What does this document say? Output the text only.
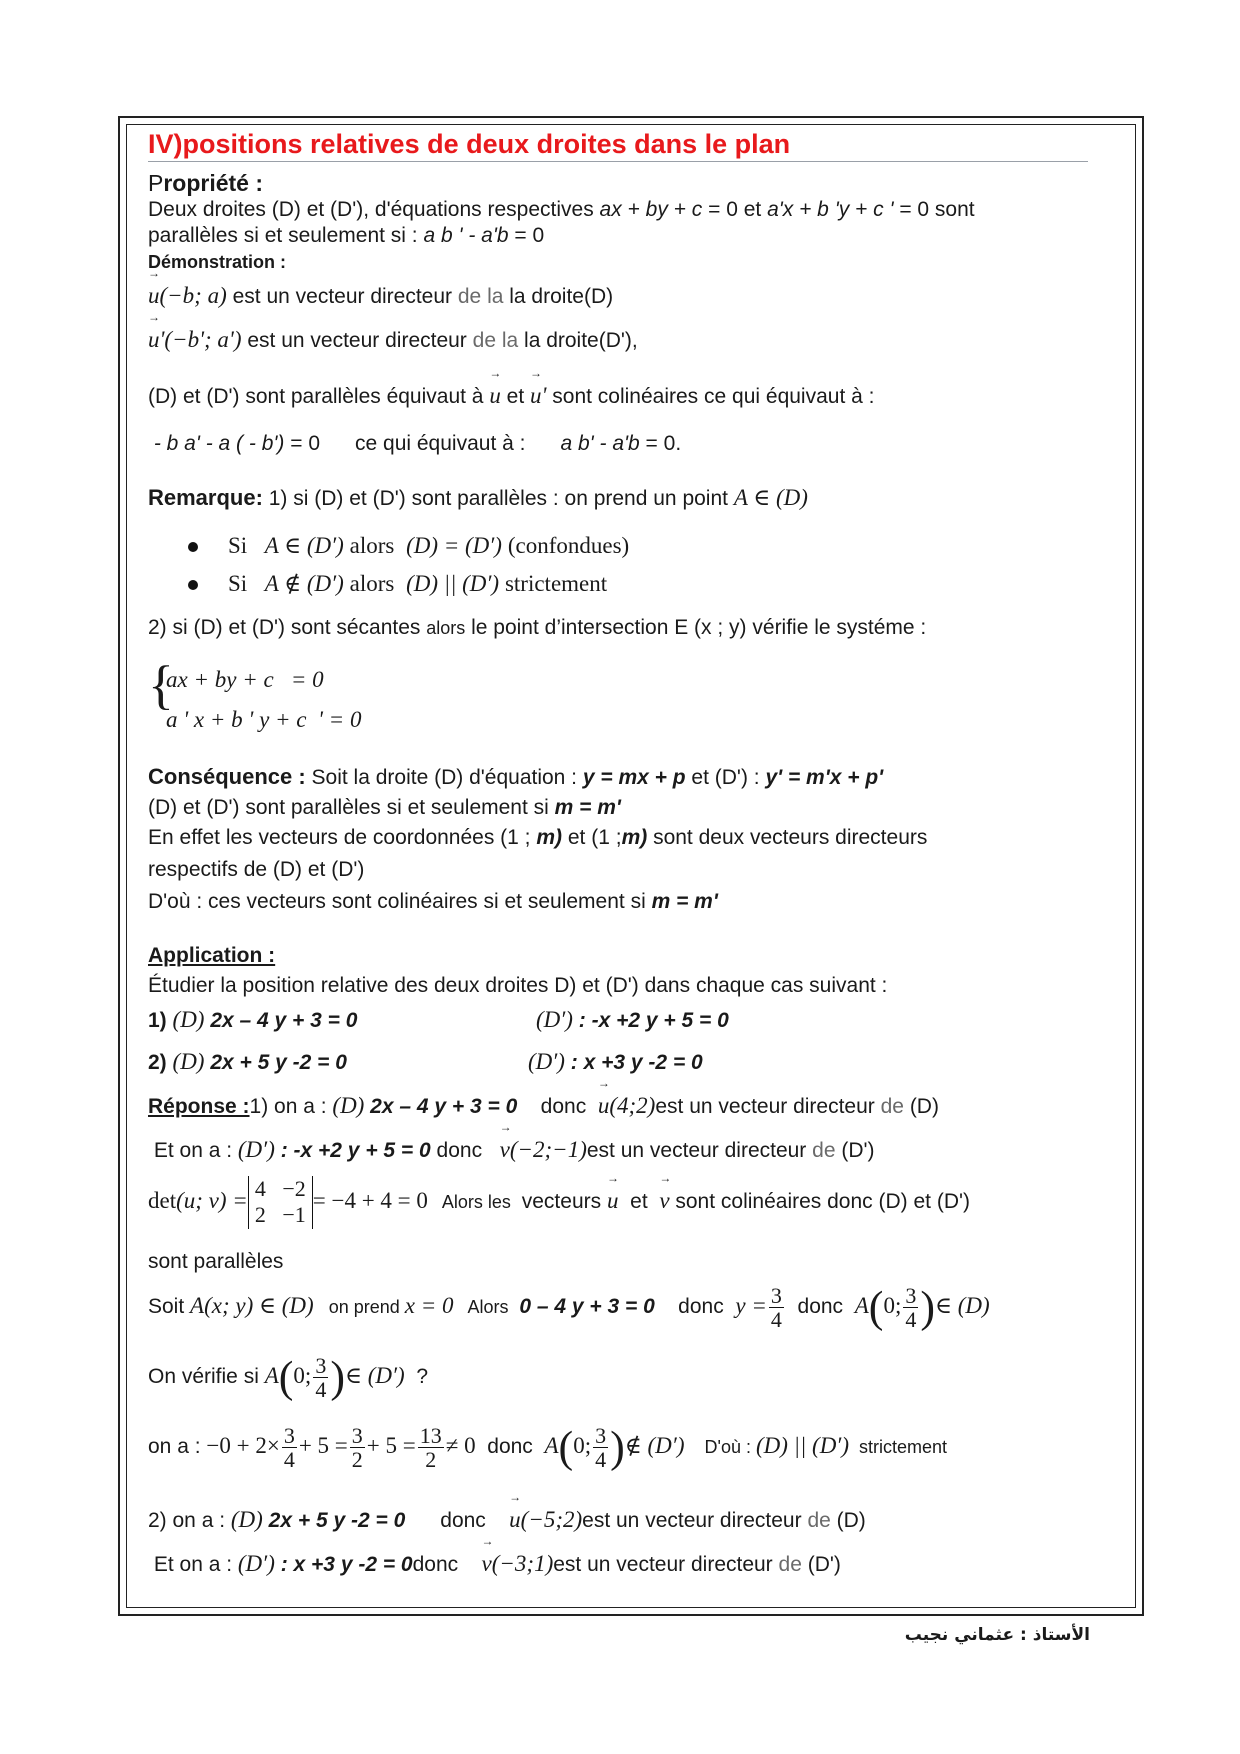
IV)positions relatives de deux droites dans le plan
Propriété :
Deux droites (D) et (D'), d'équations respectives ax + by + c = 0 et a'x + b 'y + c ' = 0 sont
parallèles si et seulement si : a b ' - a'b = 0
Démonstration :
→ u(−b; a) est un vecteur directeur de la la droite(D)
→ u'(−b'; a') est un vecteur directeur de la la droite(D'),
(D) et (D') sont parallèles équivaut à → u et → u' sont colinéaires ce qui équivaut à :
- b a' - a ( - b') = 0      ce qui équivaut à :      a b' - a'b = 0.
Remarque: 1) si (D) et (D') sont parallèles : on prend un point A ∈ (D)
Si A ∈ (D′) alors (D) = (D′) (confondues)
Si A ∉ (D′) alors (D) || (D′) strictement
2) si (D) et (D') sont sécantes alors le point d’intersection E (x ; y) vérifie le systéme :
{
ax + by + c   = 0
a ' x + b ' y + c  ' = 0
Conséquence : Soit la droite (D) d'équation : y = mx + p et (D') : y' = m'x + p'
(D) et (D') sont parallèles si et seulement si m = m'
En effet les vecteurs de coordonnées (1 ; m) et (1 ;m) sont deux vecteurs directeurs
respectifs de (D) et (D')
D'où : ces vecteurs sont colinéaires si et seulement si m = m'
Application :
Étudier la position relative des deux droites D) et (D') dans chaque cas suivant :
1) (D) 2x – 4 y + 3 = 0	(D′) : -x +2 y + 5 = 0
2) (D) 2x + 5 y -2 = 0	(D′) : x +3 y -2 = 0
Réponse :1) on a : (D) 2x – 4 y + 3 = 0    donc  → u(4;2)est un vecteur directeur de (D)
Et on a : (D′) : -x +2 y + 5 = 0 donc   → v(−2;−1)est un vecteur directeur de (D')
det(u; v) = 4   −2
2   −1
= −4 + 4 = 0   Alors les  vecteurs → u  et  → v sont colinéaires donc (D) et (D')
sont parallèles
Soit A(x; y) ∈ (D)   on prend x = 0   Alors  0 – 4 y + 3 = 0    donc  $y = \frac{3}{4}$ donc  A(0; $\frac{3}{4}$ )∈ (D)
On vérifie si A(0; $\frac{3}{4}$ )∈ (D′)  ?
on a : $-0 + 2\times \frac{3}{4} + 5 = \frac{3}{2} + 5 = \frac{13}{2} \ne 0$  donc  A(0; $\frac{3}{4}$ )∉ (D′)    D'où : (D) || (D′)  strictement
2) on a : (D) 2x + 5 y -2 = 0      donc    → u(−5;2)est un vecteur directeur de (D)
Et on a : (D′) : x +3 y -2 = 0donc    → v(−3;1)est un vecteur directeur de (D')
الأستاذ : عثماني نجيب
